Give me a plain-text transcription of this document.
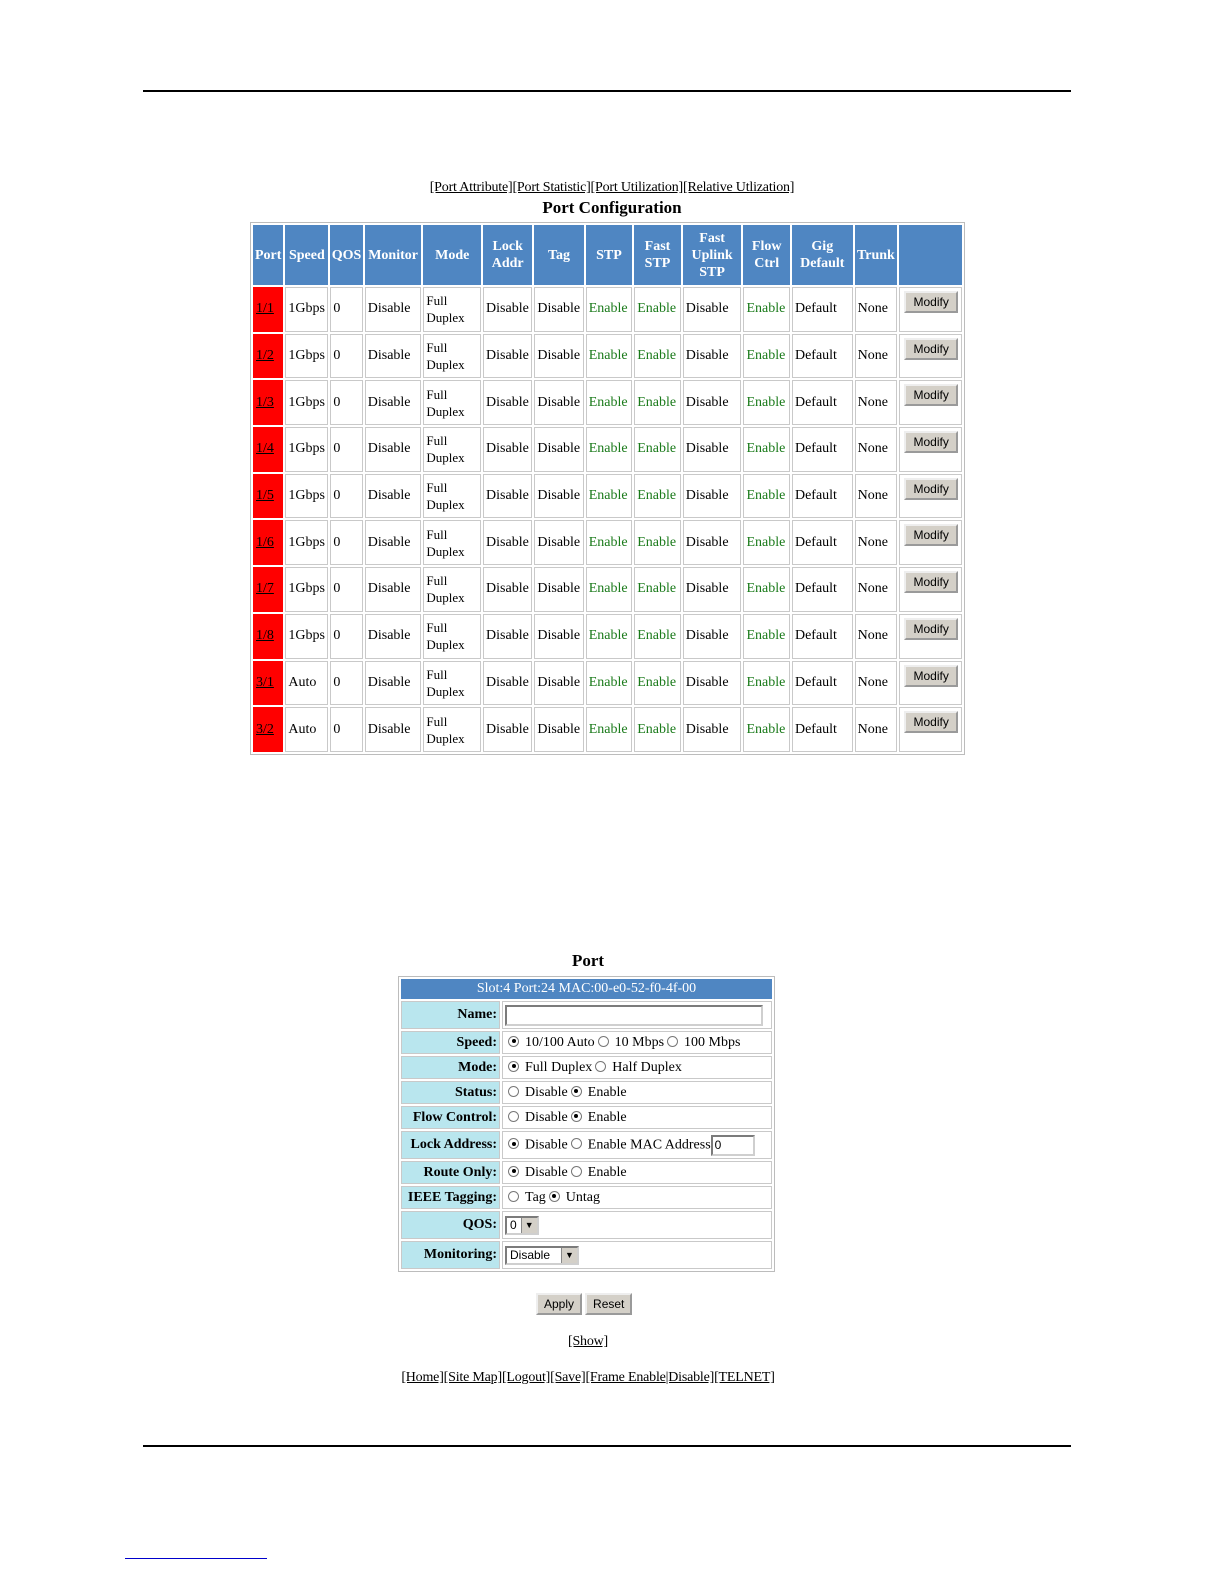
[Port Attribute][Port Statistic][Port Utilization][Relative Utlization]
Port Configuration
Port	Speed	QOS	Monitor	Mode	Lock Addr	Tag	STP	Fast STP	Fast Uplink STP	Flow Ctrl	Gig Default	Trunk	
1/1	1Gbps	0	Disable	Full Duplex	Disable	Disable	Enable	Enable	Disable	Enable	Default	None	Modify
1/2	1Gbps	0	Disable	Full Duplex	Disable	Disable	Enable	Enable	Disable	Enable	Default	None	Modify
1/3	1Gbps	0	Disable	Full Duplex	Disable	Disable	Enable	Enable	Disable	Enable	Default	None	Modify
1/4	1Gbps	0	Disable	Full Duplex	Disable	Disable	Enable	Enable	Disable	Enable	Default	None	Modify
1/5	1Gbps	0	Disable	Full Duplex	Disable	Disable	Enable	Enable	Disable	Enable	Default	None	Modify
1/6	1Gbps	0	Disable	Full Duplex	Disable	Disable	Enable	Enable	Disable	Enable	Default	None	Modify
1/7	1Gbps	0	Disable	Full Duplex	Disable	Disable	Enable	Enable	Disable	Enable	Default	None	Modify
1/8	1Gbps	0	Disable	Full Duplex	Disable	Disable	Enable	Enable	Disable	Enable	Default	None	Modify
3/1	Auto	0	Disable	Full Duplex	Disable	Disable	Enable	Enable	Disable	Enable	Default	None	Modify
3/2	Auto	0	Disable	Full Duplex	Disable	Disable	Enable	Enable	Disable	Enable	Default	None	Modify
Port
Slot:4 Port:24 MAC:00-e0-52-f0-4f-00	
Name:	
Speed:	10/100 Auto 10 Mbps 100 Mbps
Mode:	Full Duplex Half Duplex
Status:	Disable Enable
Flow Control:	Disable Enable
Lock Address:	Disable Enable MAC Address 0
Route Only:	Disable Enable
IEEE Tagging:	Tag Untag
QOS:	0 ▼

Monitoring:	Disable ▼
Apply Reset
[Show]
[Home][Site Map][Logout][Save][Frame Enable|Disable][TELNET]
